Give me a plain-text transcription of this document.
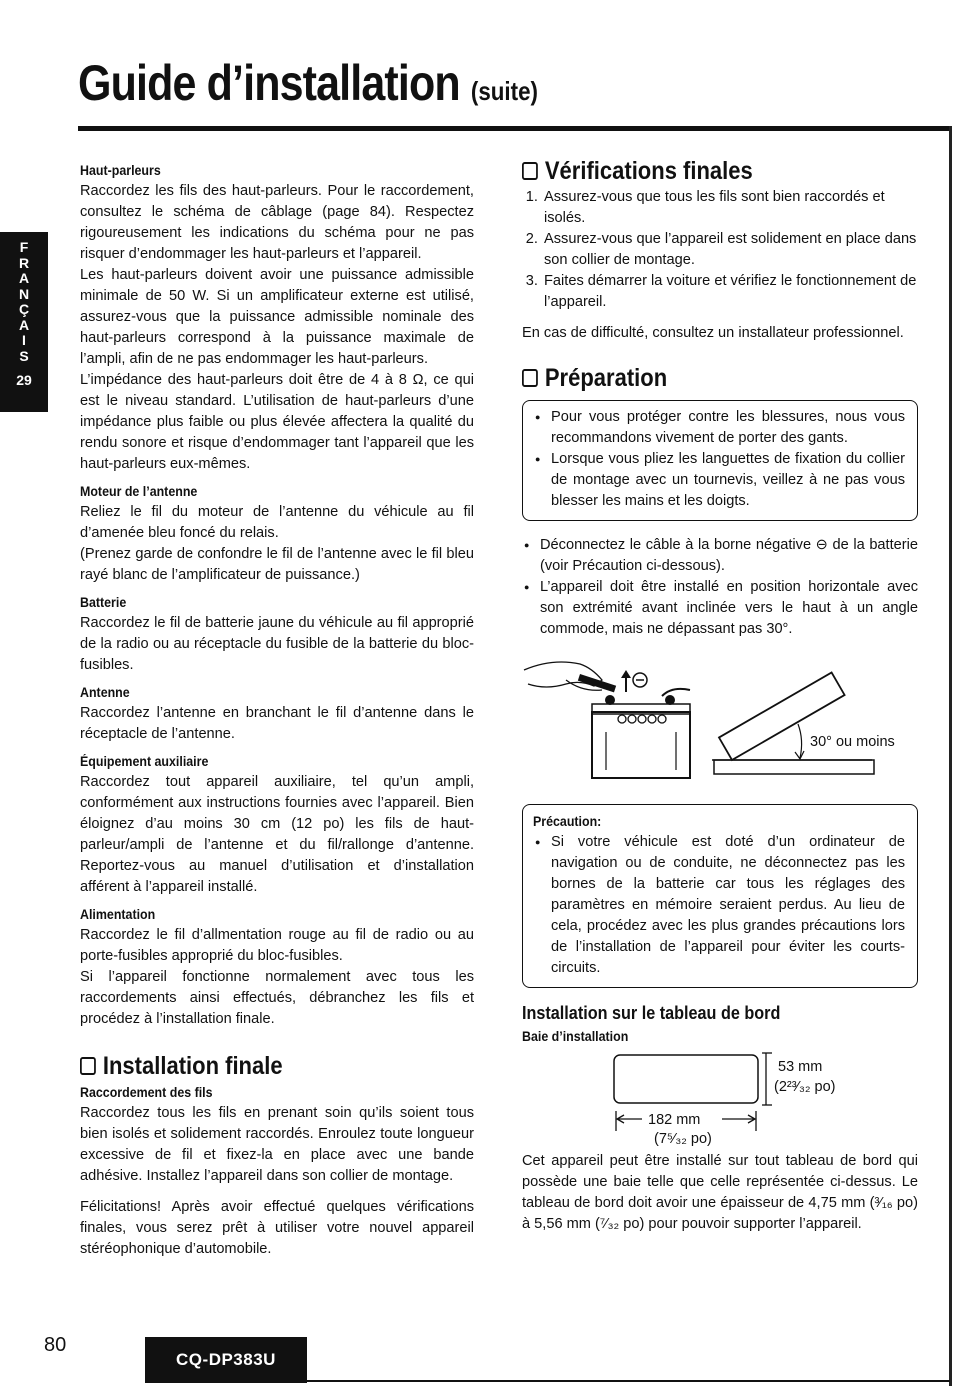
Guide d’installation (suite)
F
R
A
N
Ç
A
I
S
29
Haut-parleurs

Raccordez les fils des haut-parleurs. Pour le raccordement, consultez le schéma de câblage (page 84). Respectez rigoureusement les indications du schéma pour ne pas risquer d’endommager les haut-parleurs et l’appareil.

Les haut-parleurs doivent avoir une puissance admissible minimale de 50 W. Si un amplificateur externe est utilisé, assurez-vous que la puissance admissible nominale des haut-parleurs correspond à la puissance maximale de l’ampli, afin de ne pas endommager les haut-parleurs.

L’impédance des haut-parleurs doit être de 4 à 8 Ω, ce qui est le niveau standard. L’utilisation de haut-parleurs d’une impédance plus faible ou plus élevée affectera la qualité du rendu sonore et risque d’endommager tant l’appareil que les haut-parleurs eux-mêmes.

Moteur de l’antenne

Reliez le fil du moteur de l’antenne du véhicule au fil d’amenée bleu foncé du relais.

(Prenez garde de confondre le fil de l’antenne avec le fil bleu rayé blanc de l’amplificateur de puissance.)

Batterie

Raccordez le fil de batterie jaune du véhicule au fil approprié de la radio ou au réceptacle du fusible de la batterie du bloc-fusibles.

Antenne

Raccordez l’antenne en branchant le fil d’antenne dans le réceptacle de l’antenne.

Équipement auxiliaire

Raccordez tout appareil auxiliaire, tel qu’un ampli, conformément aux instructions fournies avec l’appareil. Bien éloignez d’au moins 30 cm (12 po) les fils de haut-parleur/ampli de l’antenne et du fil/rallonge d’antenne. Reportez-vous au manuel d’utilisation et d’installation afférent à l’appareil installé.

Alimentation

Raccordez le fil d’allmentation rouge au fil de radio ou au porte-fusibles approprié du bloc-fusibles.

Si l’appareil fonctionne normalement avec tous les raccordements ainsi effectués, débranchez les fils et procédez à l’installation finale.

Installation finale
Raccordement des fils

Raccordez tous les fils en prenant soin qu’ils soient tous bien isolés et solidement raccordés. Enroulez toute longueur excessive de fil et fixez-la en place avec une bande adhésive. Installez l’appareil dans son collier de montage.

Félicitations! Après avoir effectué quelques vérifications finales, vous serez prêt à utiliser votre nouvel appareil stéréophonique d’automobile.

Vérifications finales
1. Assurez-vous que tous les fils sont bien raccordés et isolés.
2. Assurez-vous que l’appareil est solidement en place dans son collier de montage.
3. Faites démarrer la voiture et vérifiez le fonctionnement de l’appareil.

En cas de difficulté, consultez un installateur professionnel.

Préparation
● Pour vous protéger contre les blessures, nous vous recommandons vivement de porter des gants.
● Lorsque vous pliez les languettes de fixation du collier de montage avec un tournevis, veillez à ne pas vous blesser les mains et les doigts.
● Déconnectez le câble à la borne négative ⊖ de la batterie (voir Précaution ci-dessous).
● L’appareil doit être installé en position horizontale avec son extrémité avant inclinée vers le haut à un angle commode, mais ne dépassant pas 30°.
30° ou moins
Précaution:
● Si votre véhicule est doté d’un ordinateur de navigation ou de conduite, ne déconnectez pas les bornes de la batterie car tous les réglages des paramètres en mémoire seraient perdus. Au lieu de cela, procédez avec les plus grandes précautions lors de l’installation de l’appareil pour éviter les courts-circuits.
Installation sur le tableau de bord
Baie d’installation
53 mm
(2²³⁄₃₂ po)
182 mm
(7⁵⁄₃₂ po)

Cet appareil peut être installé sur tout tableau de bord qui possède une baie telle que celle représentée ci-dessus. Le tableau de bord doit avoir une épaisseur de 4,75 mm (³⁄₁₆ po) à 5,56 mm (⁷⁄₃₂ po) pour pouvoir supporter l’appareil.

80
CQ-DP383U
